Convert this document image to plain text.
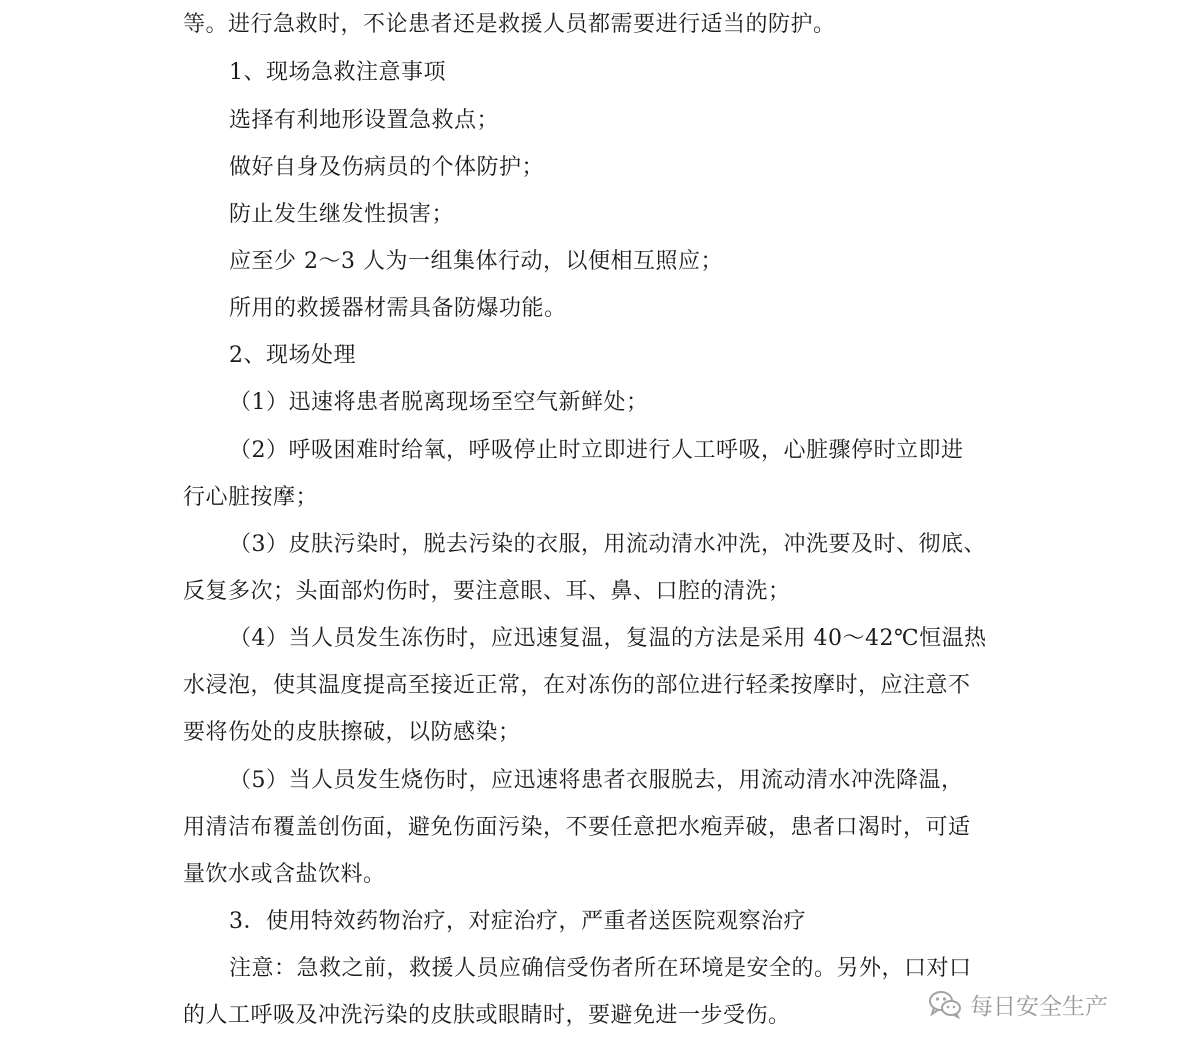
等。进行急救时，不论患者还是救援人员都需要进行适当的防护。
1、现场急救注意事项
选择有利地形设置急救点；
做好自身及伤病员的个体防护；
防止发生继发性损害；
应至少 2～3 人为一组集体行动，以便相互照应；
所用的救援器材需具备防爆功能。
2、现场处理
（1）迅速将患者脱离现场至空气新鲜处；
（2）呼吸困难时给氧，呼吸停止时立即进行人工呼吸，心脏骤停时立即进
行心脏按摩；
（3）皮肤污染时，脱去污染的衣服，用流动清水冲洗，冲洗要及时、彻底、
反复多次；头面部灼伤时，要注意眼、耳、鼻、口腔的清洗；
（4）当人员发生冻伤时，应迅速复温，复温的方法是采用 40～42℃恒温热
水浸泡，使其温度提高至接近正常，在对冻伤的部位进行轻柔按摩时，应注意不
要将伤处的皮肤擦破，以防感染；
（5）当人员发生烧伤时，应迅速将患者衣服脱去，用流动清水冲洗降温，
用清洁布覆盖创伤面，避免伤面污染，不要任意把水疱弄破，患者口渴时，可适
量饮水或含盐饮料。
3．使用特效药物治疗，对症治疗，严重者送医院观察治疗
注意：急救之前，救援人员应确信受伤者所在环境是安全的。另外，口对口
的人工呼吸及冲洗污染的皮肤或眼睛时，要避免进一步受伤。	每日安全生产
